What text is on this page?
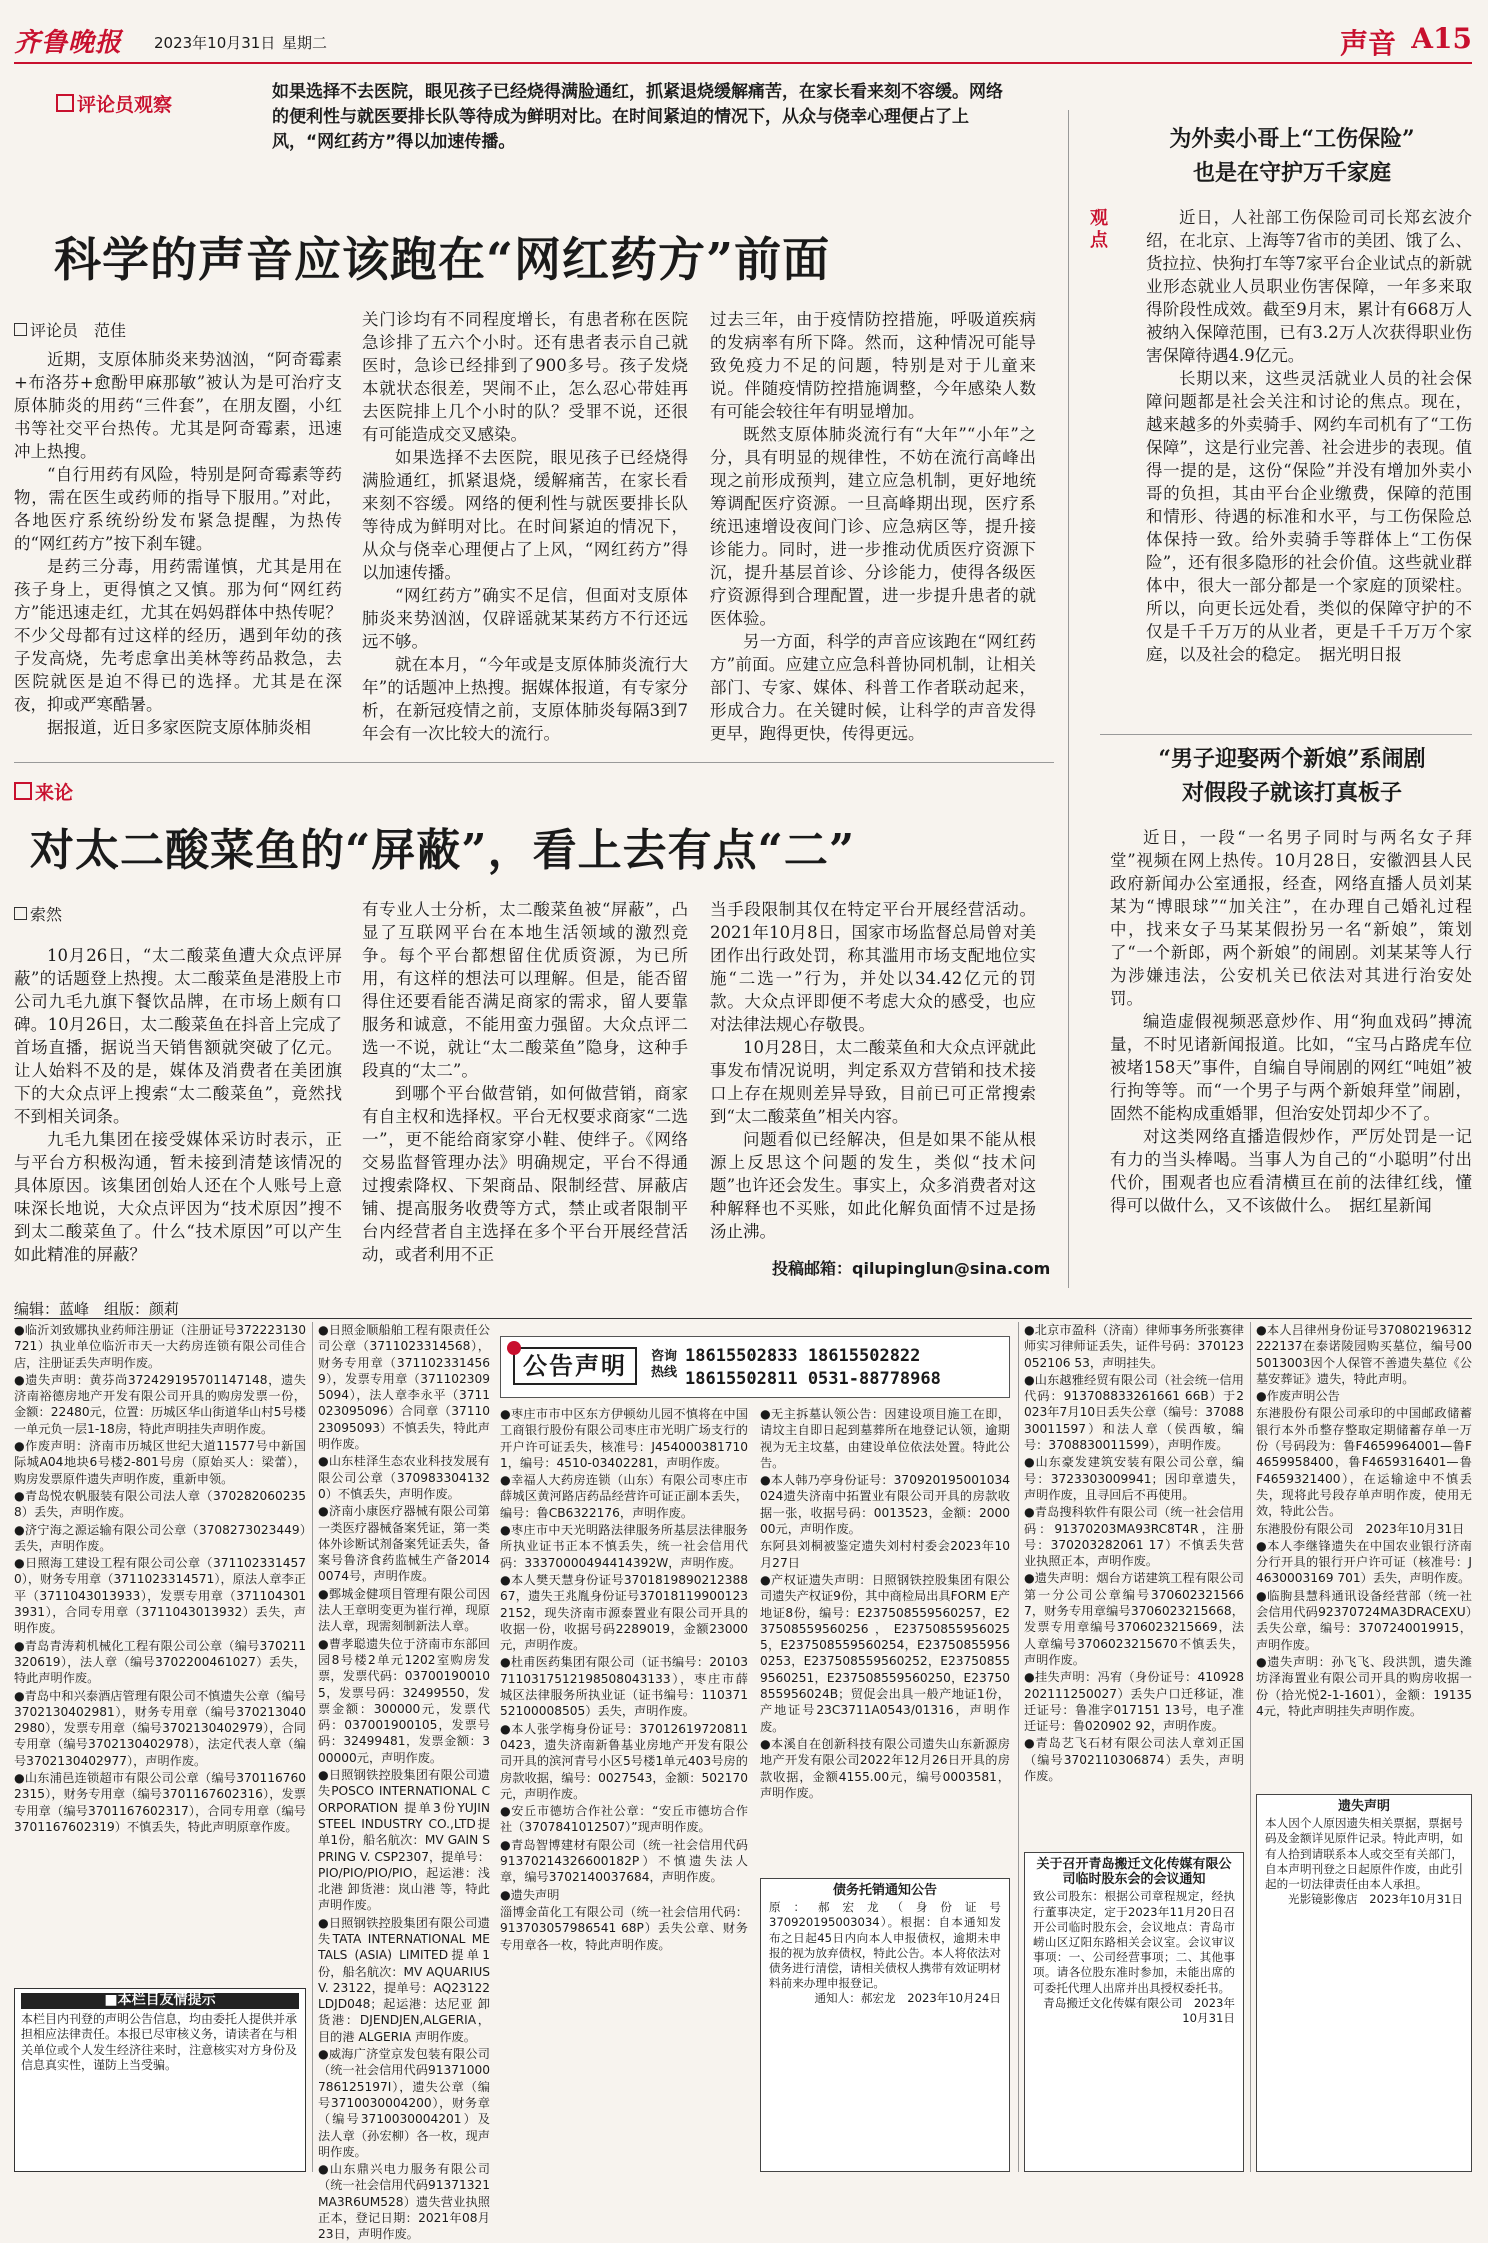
齐鲁晚报 2023年10月31日 星期二	声音 A15
评论员观察
如果选择不去医院，眼见孩子已经烧得满脸通红，抓紧退烧缓解痛苦，在家长看来刻不容缓。网络的便利性与就医要排长队等待成为鲜明对比。在时间紧迫的情况下，从众与侥幸心理便占了上风，“网红药方”得以加速传播。
科学的声音应该跑在“网红药方”前面
评论员　范佳

近期，支原体肺炎来势汹汹，“阿奇霉素+布洛芬+愈酚甲麻那敏”被认为是可治疗支原体肺炎的用药“三件套”，在朋友圈，小红书等社交平台热传。尤其是阿奇霉素，迅速冲上热搜。

“自行用药有风险，特别是阿奇霉素等药物，需在医生或药师的指导下服用。”对此，各地医疗系统纷纷发布紧急提醒，为热传的“网红药方”按下刹车键。

是药三分毒，用药需谨慎，尤其是用在孩子身上，更得慎之又慎。那为何“网红药方”能迅速走红，尤其在妈妈群体中热传呢？不少父母都有过这样的经历，遇到年幼的孩子发高烧，先考虑拿出美林等药品救急，去医院就医是迫不得已的选择。尤其是在深夜，抑或严寒酷暑。

据报道，近日多家医院支原体肺炎相

关门诊均有不同程度增长，有患者称在医院急诊排了五六个小时。还有患者表示自己就医时，急诊已经排到了900多号。孩子发烧本就状态很差，哭闹不止，怎么忍心带娃再去医院排上几个小时的队？受罪不说，还很有可能造成交叉感染。

如果选择不去医院，眼见孩子已经烧得满脸通红，抓紧退烧，缓解痛苦，在家长看来刻不容缓。网络的便利性与就医要排长队等待成为鲜明对比。在时间紧迫的情况下，从众与侥幸心理便占了上风，“网红药方”得以加速传播。

“网红药方”确实不足信，但面对支原体肺炎来势汹汹，仅辟谣就某某药方不行还远远不够。

就在本月，“今年或是支原体肺炎流行大年”的话题冲上热搜。据媒体报道，有专家分析，在新冠疫情之前，支原体肺炎每隔3到7年会有一次比较大的流行。

过去三年，由于疫情防控措施，呼吸道疾病的发病率有所下降。然而，这种情况可能导致免疫力不足的问题，特别是对于儿童来说。伴随疫情防控措施调整，今年感染人数有可能会较往年有明显增加。

既然支原体肺炎流行有“大年”“小年”之分，具有明显的规律性，不妨在流行高峰出现之前形成预判，建立应急机制，更好地统筹调配医疗资源。一旦高峰期出现，医疗系统迅速增设夜间门诊、应急病区等，提升接诊能力。同时，进一步推动优质医疗资源下沉，提升基层首诊、分诊能力，使得各级医疗资源得到合理配置，进一步提升患者的就医体验。

另一方面，科学的声音应该跑在“网红药方”前面。应建立应急科普协同机制，让相关部门、专家、媒体、科普工作者联动起来，形成合力。在关键时候，让科学的声音发得更早，跑得更快，传得更远。

来论
对太二酸菜鱼的“屏蔽”，看上去有点“二”
索然

10月26日，“太二酸菜鱼遭大众点评屏蔽”的话题登上热搜。太二酸菜鱼是港股上市公司九毛九旗下餐饮品牌，在市场上颇有口碑。10月26日，太二酸菜鱼在抖音上完成了首场直播，据说当天销售额就突破了亿元。让人始料不及的是，媒体及消费者在美团旗下的大众点评上搜索“太二酸菜鱼”，竟然找不到相关词条。

九毛九集团在接受媒体采访时表示，正与平台方积极沟通，暂未接到清楚该情况的具体原因。该集团创始人还在个人账号上意味深长地说，大众点评因为“技术原因”搜不到太二酸菜鱼了。什么“技术原因”可以产生如此精准的屏蔽？

有专业人士分析，太二酸菜鱼被“屏蔽”，凸显了互联网平台在本地生活领域的激烈竞争。每个平台都想留住优质资源，为已所用，有这样的想法可以理解。但是，能否留得住还要看能否满足商家的需求，留人要靠服务和诚意，不能用蛮力强留。大众点评二选一不说，就让“太二酸菜鱼”隐身，这种手段真的“太二”。

到哪个平台做营销，如何做营销，商家有自主权和选择权。平台无权要求商家“二选一”，更不能给商家穿小鞋、使绊子。《网络交易监督管理办法》明确规定，平台不得通过搜索降权、下架商品、限制经营、屏蔽店铺、提高服务收费等方式，禁止或者限制平台内经营者自主选择在多个平台开展经营活动，或者利用不正

当手段限制其仅在特定平台开展经营活动。2021年10月8日，国家市场监督总局曾对美团作出行政处罚，称其滥用市场支配地位实施“二选一”行为，并处以34.42亿元的罚款。大众点评即便不考虑大众的感受，也应对法律法规心存敬畏。

10月28日，太二酸菜鱼和大众点评就此事发布情况说明，判定系双方营销和技术接口上存在规则差异导致，目前已可正常搜索到“太二酸菜鱼”相关内容。

问题看似已经解决，但是如果不能从根源上反思这个问题的发生，类似“技术问题”也许还会发生。事实上，众多消费者对这种解释也不买账，如此化解负面情不过是扬汤止沸。

投稿邮箱：qilupinglun@sina.com
为外卖小哥上“工伤保险”
也是在守护万千家庭
观点

近日，人社部工伤保险司司长郑玄波介绍，在北京、上海等7省市的美团、饿了么、货拉拉、快狗打车等7家平台企业试点的新就业形态就业人员职业伤害保障，一年多来取得阶段性成效。截至9月末，累计有668万人被纳入保障范围，已有3.2万人次获得职业伤害保障待遇4.9亿元。

长期以来，这些灵活就业人员的社会保障问题都是社会关注和讨论的焦点。现在，越来越多的外卖骑手、网约车司机有了“工伤保障”，这是行业完善、社会进步的表现。值得一提的是，这份“保险”并没有增加外卖小哥的负担，其由平台企业缴费，保障的范围和情形、待遇的标准和水平，与工伤保险总体保持一致。给外卖骑手等群体上“工伤保险”，还有很多隐形的社会价值。这些就业群体中，很大一部分都是一个家庭的顶梁柱。所以，向更长远处看，类似的保障守护的不仅是千千万万的从业者，更是千千万万个家庭，以及社会的稳定。　据光明日报

“男子迎娶两个新娘”系闹剧
对假段子就该打真板子

近日，一段“一名男子同时与两名女子拜堂”视频在网上热传。10月28日，安徽泗县人民政府新闻办公室通报，经查，网络直播人员刘某某为“博眼球”“加关注”，在办理自己婚礼过程中，找来女子马某某假扮另一名“新娘”，策划了“一个新郎，两个新娘”的闹剧。刘某某等人行为涉嫌违法，公安机关已依法对其进行治安处罚。

编造虚假视频恶意炒作、用“狗血戏码”搏流量，不时见诸新闻报道。比如，“宝马占路虎车位被堵158天”事件，自编自导闹剧的网红“吨姐”被行拘等等。而“一个男子与两个新娘拜堂”闹剧，固然不能构成重婚罪，但治安处罚却少不了。

对这类网络直播造假炒作，严厉处罚是一记有力的当头棒喝。当事人为自己的“小聪明”付出代价，围观者也应看清横亘在前的法律红线，懂得可以做什么，又不该做什么。　据红星新闻

编辑：蓝峰　组版：颜莉
公告声明	咨询热线
18615502833 18615502822
18615502811 0531-88778968

●临沂刘致娜执业药师注册证（注册证号372223130721）执业单位临沂市天一大药房连锁有限公司佳合店，注册证丢失声明作废。

●遗失声明：黄芬尚372429195701147148，遗失济南裕德房地产开发有限公司开具的购房发票一份，金额：22480元，位置：历城区华山街道华山村5号楼一单元负一层1-18房，特此声明挂失声明作废。

●作废声明：济南市历城区世纪大道11577号中新国际城A04地块6号楼2-801号房（原始买人：梁蕾），购房发票原件遗失声明作废，重新申领。

●青岛悦农帆服装有限公司法人章（3702820602358）丢失，声明作废。

●济宁海之源运输有限公司公章（3708273023449）丢失，声明作废。

●日照海工建设工程有限公司公章（3711023314570），财务专用章（3711023314571），原法人章李正平（3711043013933），发票专用章（3711043013931），合同专用章（3711043013932）丢失，声明作废。

●青岛青涛莉机械化工程有限公司公章（编号370211320619），法人章（编号3702200461027）丢失，特此声明作废。

●青岛中和兴泰酒店管理有限公司不慎遗失公章（编号3702130402981），财务专用章（编号3702130402980），发票专用章（编号3702130402979），合同专用章（编号3702130402978），法定代表人章（编号3702130402977），声明作废。

●山东浦邑连锁超市有限公司公章（编号3701167602315），财务专用章（编号3701167602316），发票专用章（编号3701167602317），合同专用章（编号3701167602319）不慎丢失，特此声明原章作废。

■本栏目友情提示
本栏目内刊登的声明公告信息，均由委托人提供并承担相应法律责任。本报已尽审核义务，请读者在与相关单位或个人发生经济往来时，注意核实对方身份及信息真实性，谨防上当受骗。

●日照金顺船舶工程有限责任公司公章（3711023314568），财务专用章（3711023314569），发票专用章（3711023095094），法人章李永平（3711023095096）合同章（3711023095093）不慎丢失，特此声明作废。

●山东桂泽生态农业科技发展有限公司公章（3709833041320）不慎丢失，声明作废。

●济南小康医疗器械有限公司第一类医疗器械备案凭证，第一类体外诊断试剂备案凭证丢失，备案号鲁济食药监械生产备20140074号，声明作废。

●鄄城金健项目管理有限公司因法人王章明变更为崔行禅，现原法人章，现需刻制新法人章。

●曹孝聪遗失位于济南市东部回园8号楼2单元1202室购房发票，发票代码：037001900105，发票号码：32499550，发票金额：300000元，发票代码：037001900105，发票号码：32499481，发票金额：300000元，声明作废。

●日照钢铁控股集团有限公司遗失POSCO INTERNATIONAL CORPORATION 提单3份YUJIN STEEL INDUSTRY CO.,LTD提单1份，船名航次：MV GAIN SPRING V. CSP2307，提单号：PIO/PIO/PIO/PIO，起运港：浅北港 卸货港：岚山港 等，特此声明作废。

●日照钢铁控股集团有限公司遗失TATA INTERNATIONAL METALS (ASIA) LIMITED提单1份，船名航次：MV AQUARIUS V. 23122，提单号：AQ23122LDJD048；起运港：达尼亚 卸货港：DJENDJEN,ALGERIA，目的港 ALGERIA 声明作废。

●威海广济堂京发包装有限公司（统一社会信用代码91371000786125197I），遗失公章（编号3710030004200），财务章（编号3710030004201）及法人章（孙宏柳）各一枚，现声明作废。

●山东鼎兴电力服务有限公司（统一社会信用代码91371321MA3R6UM528）遗失营业执照正本，登记日期：2021年08月23日，声明作废。

●枣庄市市中区东方伊顿幼儿园不慎将在中国工商银行股份有限公司枣庄市光明广场支行的开户许可证丢失，核准号：J4540003817101，编号：4510-03402281，声明作废。

●幸福人大药房连锁（山东）有限公司枣庄市薛城区黄河路店药品经营许可证正副本丢失，编号：鲁CB6322176，声明作废。

●枣庄市中天光明路法律服务所基层法律服务所执业证书正本不慎丢失，统一社会信用代码：33370000494414392W，声明作废。

●本人樊天慧身份证号370181989021238867，遗失王兆胤身份证号370181199001232152，现失济南市源泰置业有限公司开具的收据一份，收据号码2289019，金额23000元，声明作废。

●杜甫医药集团有限公司（证书编号：201037110317512198508043133），枣庄市薛城区法律服务所执业证（证书编号：11037152100008505）丢失，声明作废。

●本人张学梅身份证号：370126197208110423，遗失济南新鲁基业房地产开发有限公司开具的滨河青号小区5号楼1单元403号房的房款收据，编号：0027543，金额：502170元，声明作废。

●安丘市德坊合作社公章：“安丘市德坊合作社（3707841012507）”现声明作废。

●青岛智博建材有限公司（统一社会信用代码91370214326600182P）不慎遗失法人章，编号3702140037684，声明作废。

●遗失声明

淄博金苗化工有限公司（统一社会信用代码：913703057986541 68P）丢失公章、财务专用章各一枚，特此声明作废。

●无主拆墓认领公告：因建设项目施工在即，请坟主自即日起到墓葬所在地登记认领，逾期视为无主坟墓，由建设单位依法处置。特此公告。

●本人韩乃亭身份证号：370920195001034024遗失济南中拓置业有限公司开具的房款收据一张，收据号码：0013523，金额：200000元，声明作废。

东阿县刘桐被鉴定遗失刘村村委会2023年10月27日

●产权证遗失声明：日照钢铁控股集团有限公司遗失产权证9份，其中商检局出具FORM E产地证8份，编号：E237508559560257，E237508559560256，E237508559560255，E237508559560254，E237508559560253，E237508559560252，E237508559560251，E237508559560250，E23750855956024B；贸促会出具一般产地证1份，产地证号23C3711A0543/01316，声明作废。

●本溪自在创新科技有限公司遗失山东新源房地产开发有限公司2022年12月26日开具的房款收据，金额4155.00元，编号0003581，声明作废。

债务托销通知公告
原：郝宏龙（身份证号370920195003034）。根据：自本通知发布之日起45日内向本人申报债权，逾期未申报的视为放弃债权，特此公告。本人将依法对债务进行清偿，请相关债权人携带有效证明材料前来办理申报登记。
通知人：郝宏龙　2023年10月24日

●北京市盈科（济南）律师事务所张赛律师实习律师证丢失，证件号码：370123052106 53，声明挂失。

●山东越雅经贸有限公司（社会统一信用代码：913708833261661 66B）于2023年7月10日丢失公章（编号：3708830011597）和法人章（侯西敏，编号：3708830011599），声明作废。

●山东豪发建筑安装有限公司公章，编号：3723303009941；因印章遗失，声明作废，且寻回后不再使用。

●青岛搜科软件有限公司（统一社会信用码：91370203MA93RC8T4R，注册号：370203282061 17）不慎丢失营业执照正本，声明作废。

●遗失声明：烟台方诺建筑工程有限公司第一分公司公章编号3706023215667，财务专用章编号3706023215668，发票专用章编号3706023215669，法人章编号3706023215670不慎丢失，声明作废。

●挂失声明：冯宥（身份证号：410928202111250027）丢失户口迁移证，准迁证号：鲁准字017151 13号，电子准迁证号：鲁020902 92，声明作废。

●青岛艺飞石材有限公司法人章刘正国（编号3702110306874）丢失，声明作废。

关于召开青岛搬迁文化传媒有限公司临时股东会的会议通知
致公司股东：根据公司章程规定，经执行董事决定，定于2023年11月20日召开公司临时股东会，会议地点：青岛市崂山区辽阳东路相关会议室。会议审议事项：一、公司经营事项；二、其他事项。请各位股东准时参加，未能出席的可委托代理人出席并出具授权委托书。
青岛搬迁文化传媒有限公司　2023年10月31日

●本人吕律州身份证号370802196312222137在泰诺陵园购买墓位，编号005013003因个人保管不善遗失墓位《公墓安葬证》遗失，特此声明。

●作废声明公告

东港股份有限公司承印的中国邮政储蓄银行本外币整存整取定期储蓄存单一万份（号码段为：鲁F4659964001—鲁F4659958400，鲁F4659316401—鲁F4659321400），在运输途中不慎丢失，现将此号段存单声明作废，使用无效，特此公告。

东港股份有限公司　2023年10月31日

●本人李继锋遗失在中国农业银行济南分行开具的银行开户许可证（核准号：J4630003169 701）丢失，声明作废。

●临朐县慧科通讯设备经营部（统一社会信用代码92370724MA3DRACEXU）丢失公章，编号：3707240019915，声明作废。

●遗失声明：孙飞飞、段洪凯，遗失潍坊泽海置业有限公司开具的购房收据一份（拾光悦2-1-1601），金额：191354元，特此声明挂失声明作废。

遗失声明
本人因个人原因遗失相关票据，票据号码及金额详见原件记录。特此声明，如有人拾到请联系本人或交至有关部门，自本声明刊登之日起原件作废，由此引起的一切法律责任由本人承担。
光影镜影像店　2023年10月31日
